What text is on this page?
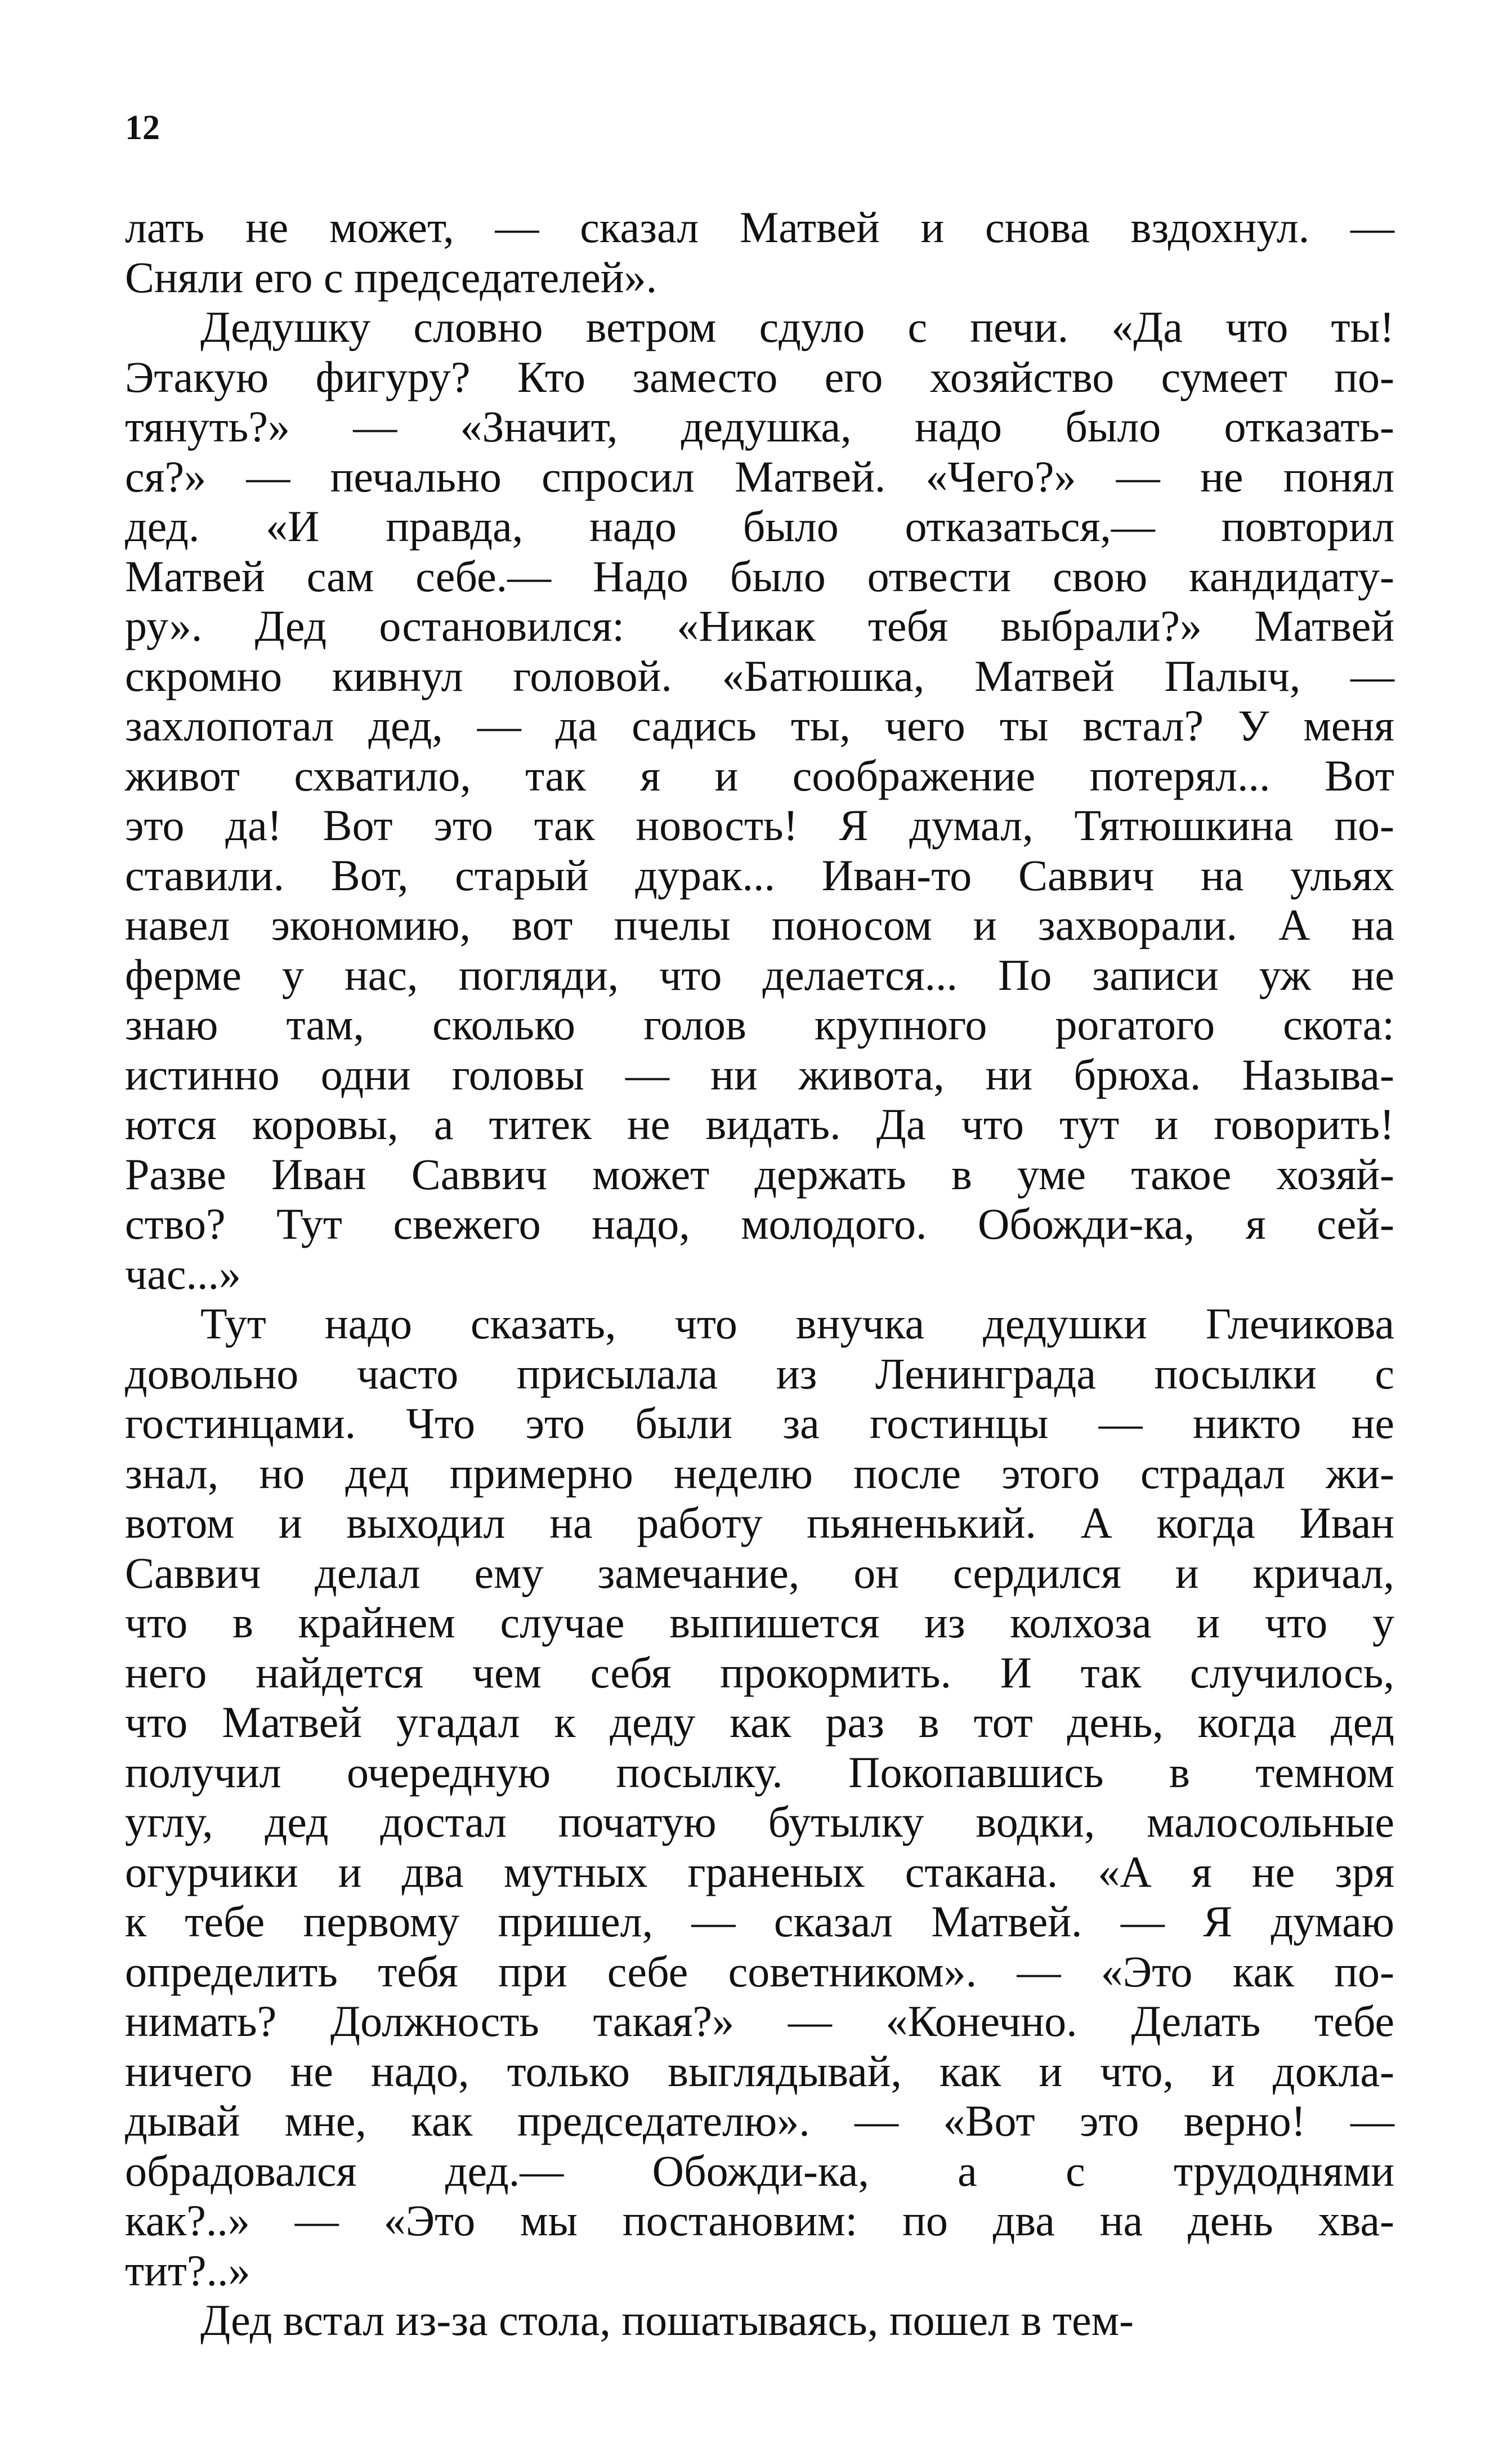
12

лать не может, — сказал Матвей и снова вздохнул. —
Сняли его с председателей».

Дедушку словно ветром сдуло с печи. «Да что ты!
Этакую фигуру? Кто заместо его хозяйство сумеет по-
тянуть?» — «Значит, дедушка, надо было отказать-
ся?» — печально спросил Матвей. «Чего?» — не понял
дед. «И правда, надо было отказаться,— повторил
Матвей сам себе.— Надо было отвести свою кандидату-
ру». Дед остановился: «Никак тебя выбрали?» Матвей
скромно кивнул головой. «Батюшка, Матвей Палыч, —
захлопотал дед, — да садись ты, чего ты встал? У меня
живот схватило, так я и соображение потерял... Вот
это да! Вот это так новость! Я думал, Тятюшкина по-
ставили. Вот, старый дурак... Иван-то Саввич на ульях
навел экономию, вот пчелы поносом и захворали. А на
ферме у нас, погляди, что делается... По записи уж не
знаю там, сколько голов крупного рогатого скота:
истинно одни головы — ни живота, ни брюха. Называ-
ются коровы, а титек не видать. Да что тут и говорить!
Разве Иван Саввич может держать в уме такое хозяй-
ство? Тут свежего надо, молодого. Обожди-ка, я сей-
час...»

Тут надо сказать, что внучка дедушки Глечикова
довольно часто присылала из Ленинграда посылки с
гостинцами. Что это были за гостинцы — никто не
знал, но дед примерно неделю после этого страдал жи-
вотом и выходил на работу пьяненький. А когда Иван
Саввич делал ему замечание, он сердился и кричал,
что в крайнем случае выпишется из колхоза и что у
него найдется чем себя прокормить. И так случилось,
что Матвей угадал к деду как раз в тот день, когда дед
получил очередную посылку. Покопавшись в темном
углу, дед достал початую бутылку водки, малосольные
огурчики и два мутных граненых стакана. «А я не зря
к тебе первому пришел, — сказал Матвей. — Я думаю
определить тебя при себе советником». — «Это как по-
нимать? Должность такая?» — «Конечно. Делать тебе
ничего не надо, только выглядывай, как и что, и докла-
дывай мне, как председателю». — «Вот это верно! —
обрадовался дед.— Обожди-ка, а с трудоднями
как?..» — «Это мы постановим: по два на день хва-
тит?..»

Дед встал из-за стола, пошатываясь, пошел в тем-
